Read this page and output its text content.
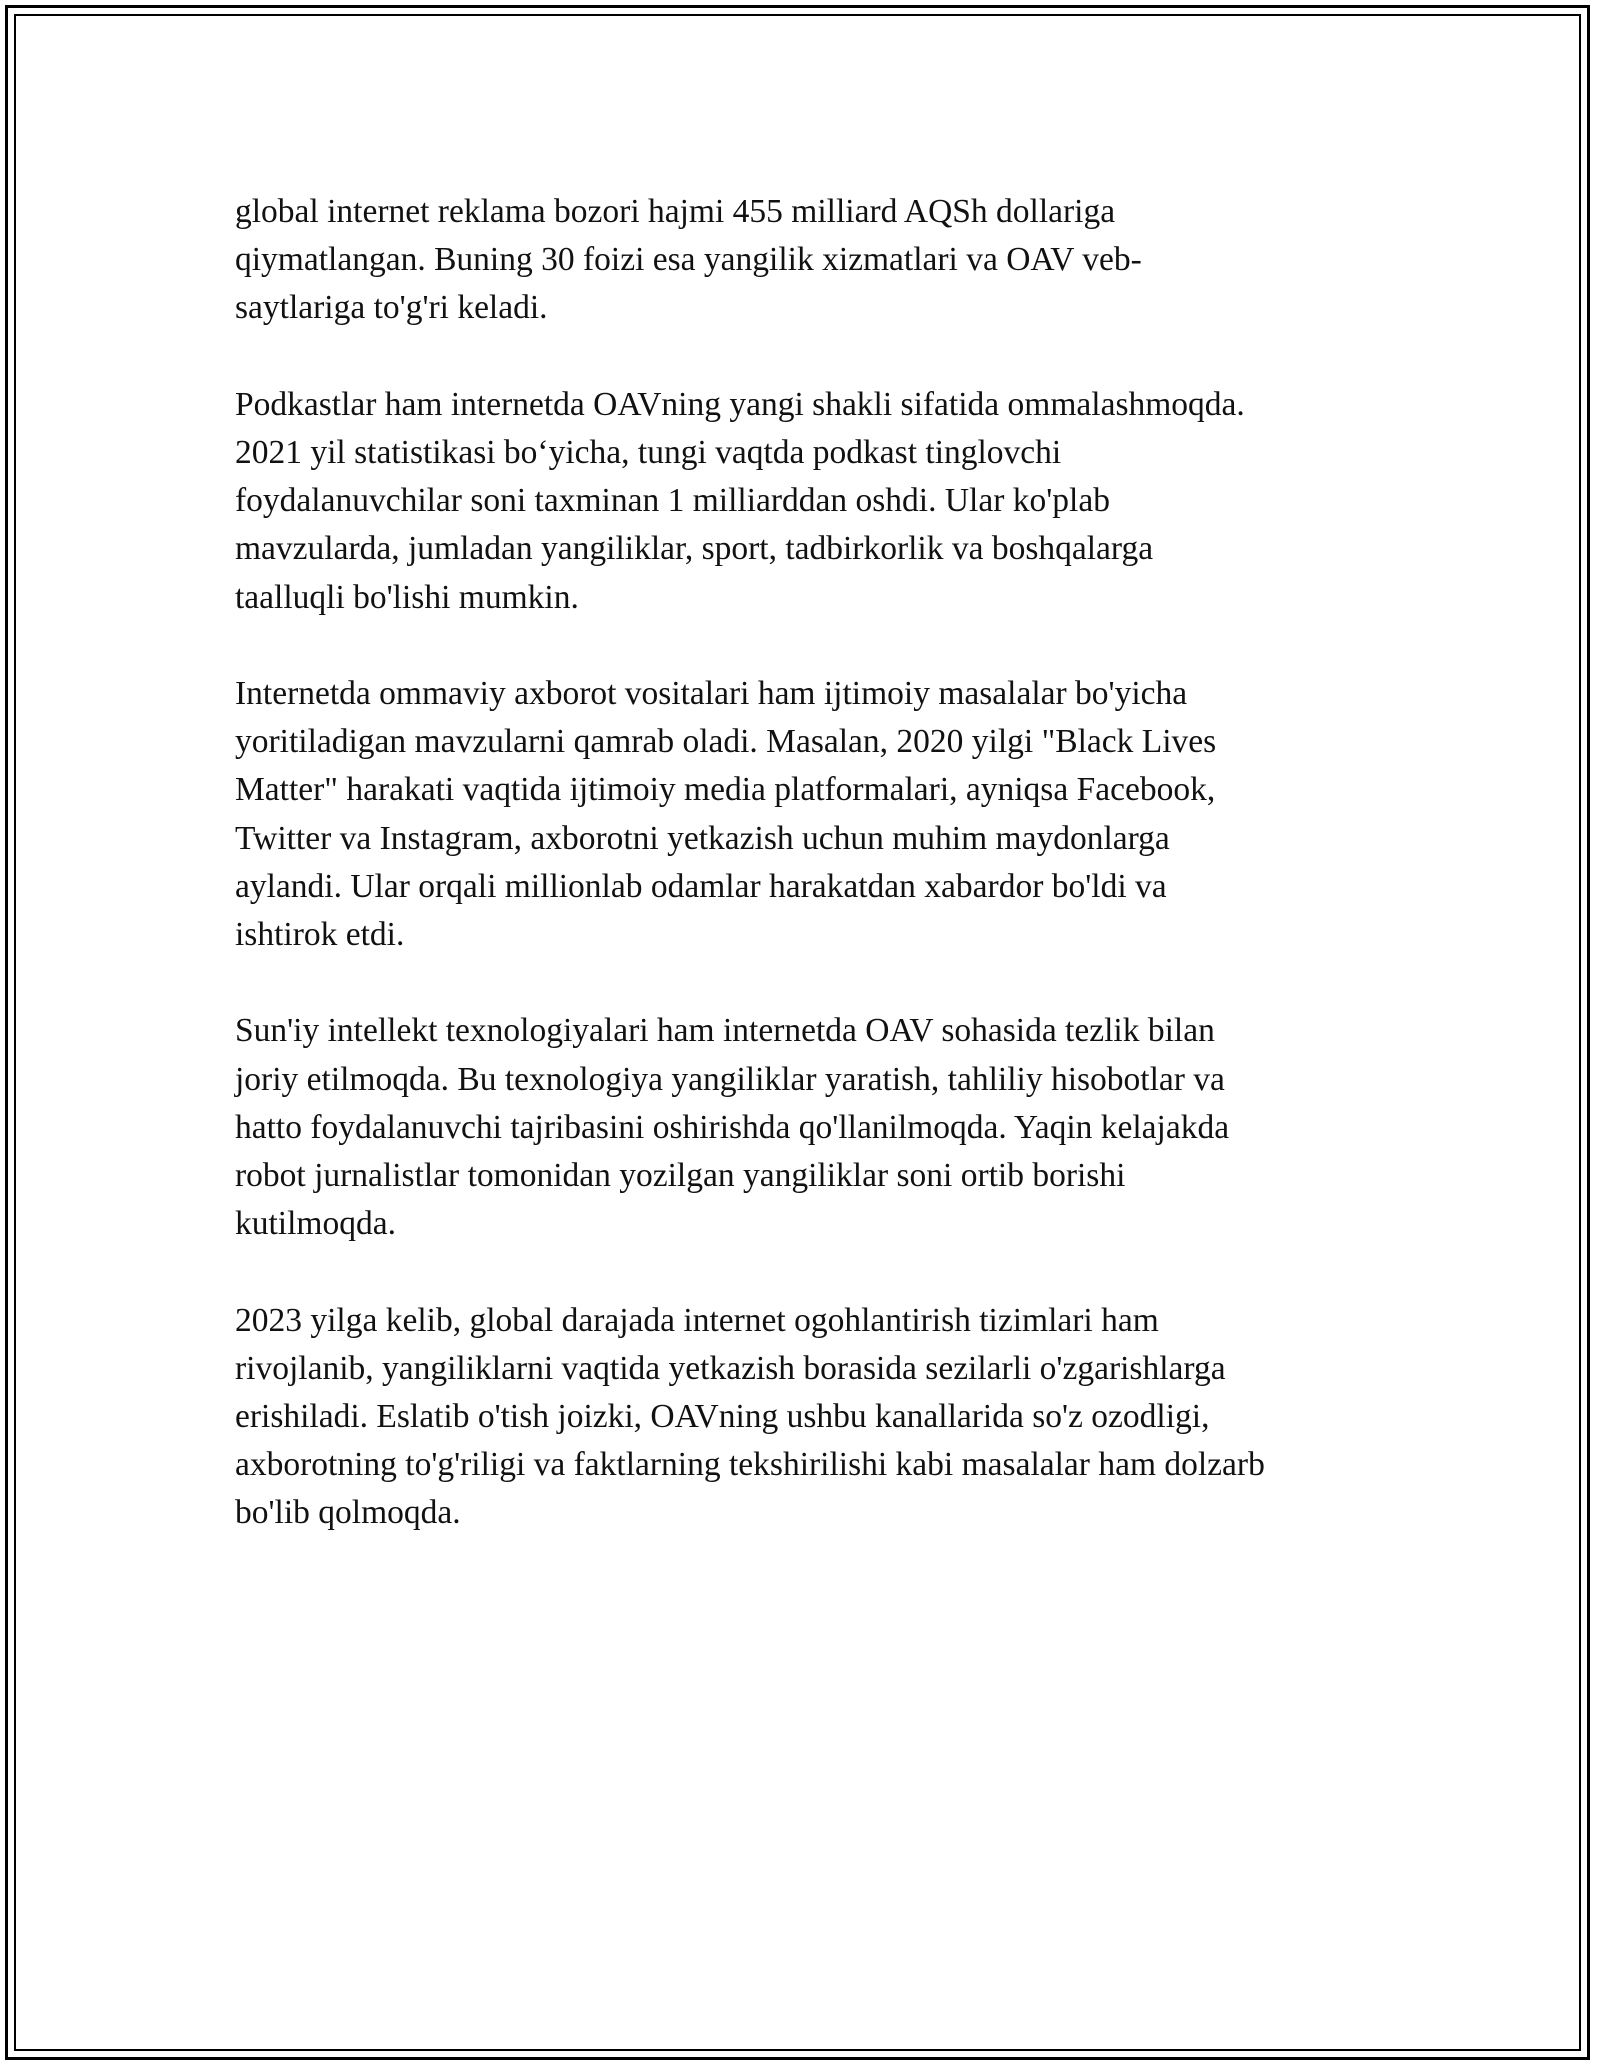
global internet reklama bozori hajmi 455 milliard AQSh dollariga
qiymatlangan. Buning 30 foizi esa yangilik xizmatlari va OAV veb-
saytlariga to'g'ri keladi.

Podkastlar ham internetda OAVning yangi shakli sifatida ommalashmoqda.
2021 yil statistikasi bo‘yicha, tungi vaqtda podkast tinglovchi
foydalanuvchilar soni taxminan 1 milliarddan oshdi. Ular ko'plab
mavzularda, jumladan yangiliklar, sport, tadbirkorlik va boshqalarga
taalluqli bo'lishi mumkin.

Internetda ommaviy axborot vositalari ham ijtimoiy masalalar bo'yicha
yoritiladigan mavzularni qamrab oladi. Masalan, 2020 yilgi "Black Lives
Matter" harakati vaqtida ijtimoiy media platformalari, ayniqsa Facebook,
Twitter va Instagram, axborotni yetkazish uchun muhim maydonlarga
aylandi. Ular orqali millionlab odamlar harakatdan xabardor bo'ldi va
ishtirok etdi.

Sun'iy intellekt texnologiyalari ham internetda OAV sohasida tezlik bilan
joriy etilmoqda. Bu texnologiya yangiliklar yaratish, tahliliy hisobotlar va
hatto foydalanuvchi tajribasini oshirishda qo'llanilmoqda. Yaqin kelajakda
robot jurnalistlar tomonidan yozilgan yangiliklar soni ortib borishi
kutilmoqda.

2023 yilga kelib, global darajada internet ogohlantirish tizimlari ham
rivojlanib, yangiliklarni vaqtida yetkazish borasida sezilarli o'zgarishlarga
erishiladi. Eslatib o'tish joizki, OAVning ushbu kanallarida so'z ozodligi,
axborotning to'g'riligi va faktlarning tekshirilishi kabi masalalar ham dolzarb
bo'lib qolmoqda.
